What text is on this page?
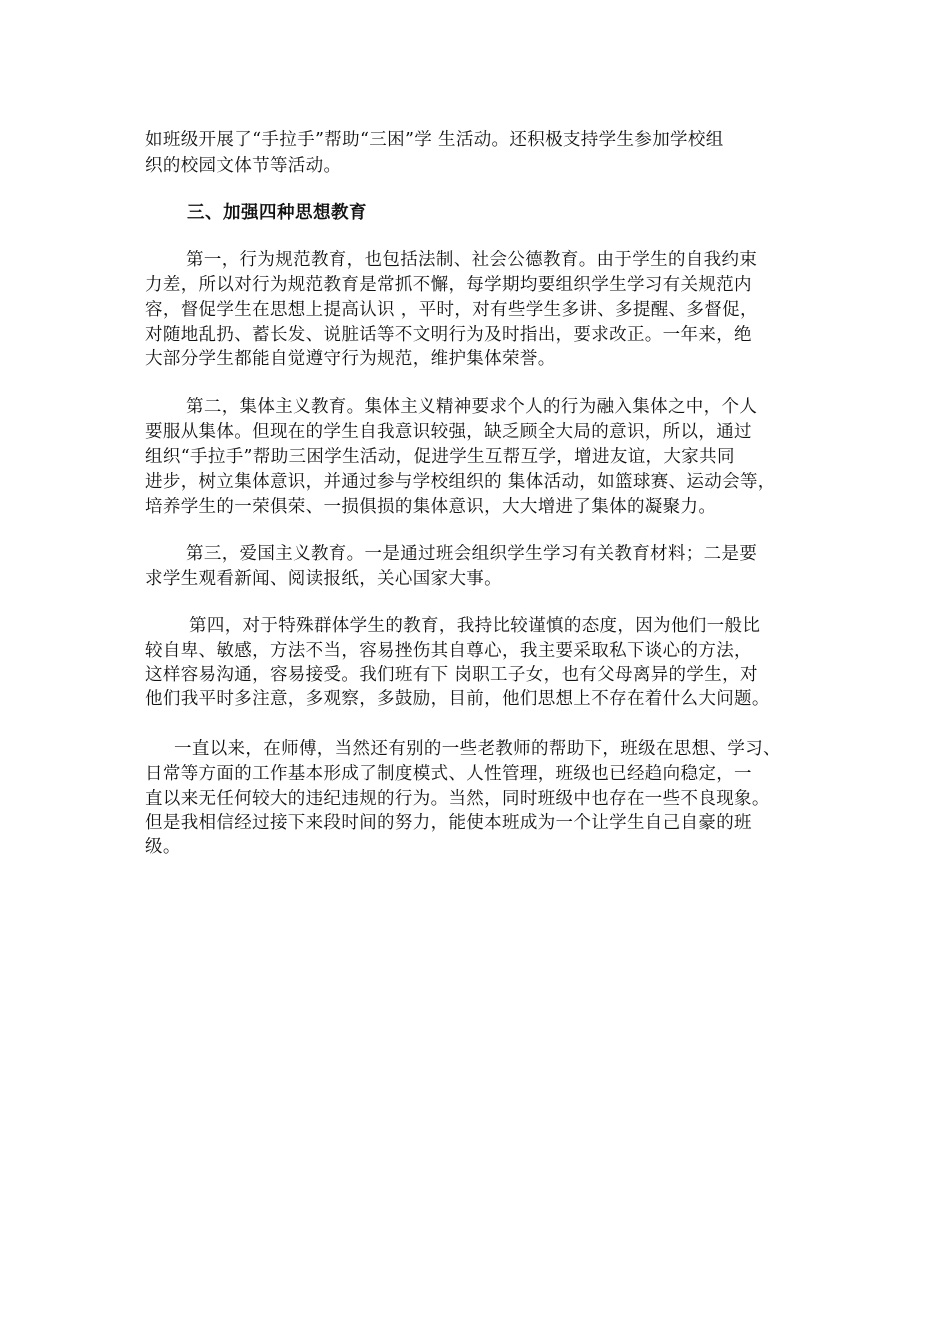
如班级开展了“手拉手”帮助“三困”学 生活动。还积极支持学生参加学校组

织的校园文体节等活动。

三、加强四种思想教育

第一，行为规范教育，也包括法制、社会公德教育。由于学生的自我约束

力差，所以对行为规范教育是常抓不懈，每学期均要组织学生学习有关规范内

容，督促学生在思想上提高认识 ，平时，对有些学生多讲、多提醒、多督促，

对随地乱扔、蓄长发、说脏话等不文明行为及时指出，要求改正。一年来，绝

大部分学生都能自觉遵守行为规范，维护集体荣誉。

第二，集体主义教育。集体主义精神要求个人的行为融入集体之中，个人

要服从集体。但现在的学生自我意识较强，缺乏顾全大局的意识，所以，通过

组织“手拉手”帮助三困学生活动，促进学生互帮互学，增进友谊，大家共同

进步，树立集体意识，并通过参与学校组织的 集体活动，如篮球赛、运动会等，

培养学生的一荣俱荣、一损俱损的集体意识，大大增进了集体的凝聚力。

第三，爱国主义教育。一是通过班会组织学生学习有关教育材料；二是要

求学生观看新闻、阅读报纸，关心国家大事。

第四，对于特殊群体学生的教育，我持比较谨慎的态度，因为他们一般比

较自卑、敏感，方法不当，容易挫伤其自尊心，我主要采取私下谈心的方法，

这样容易沟通，容易接受。我们班有下 岗职工子女，也有父母离异的学生，对

他们我平时多注意，多观察，多鼓励，目前，他们思想上不存在着什么大问题。

一直以来，在师傅，当然还有别的一些老教师的帮助下，班级在思想、学习、

日常等方面的工作基本形成了制度模式、人性管理，班级也已经趋向稳定，一

直以来无任何较大的违纪违规的行为。当然，同时班级中也存在一些不良现象。

但是我相信经过接下来段时间的努力，能使本班成为一个让学生自己自豪的班

级。
